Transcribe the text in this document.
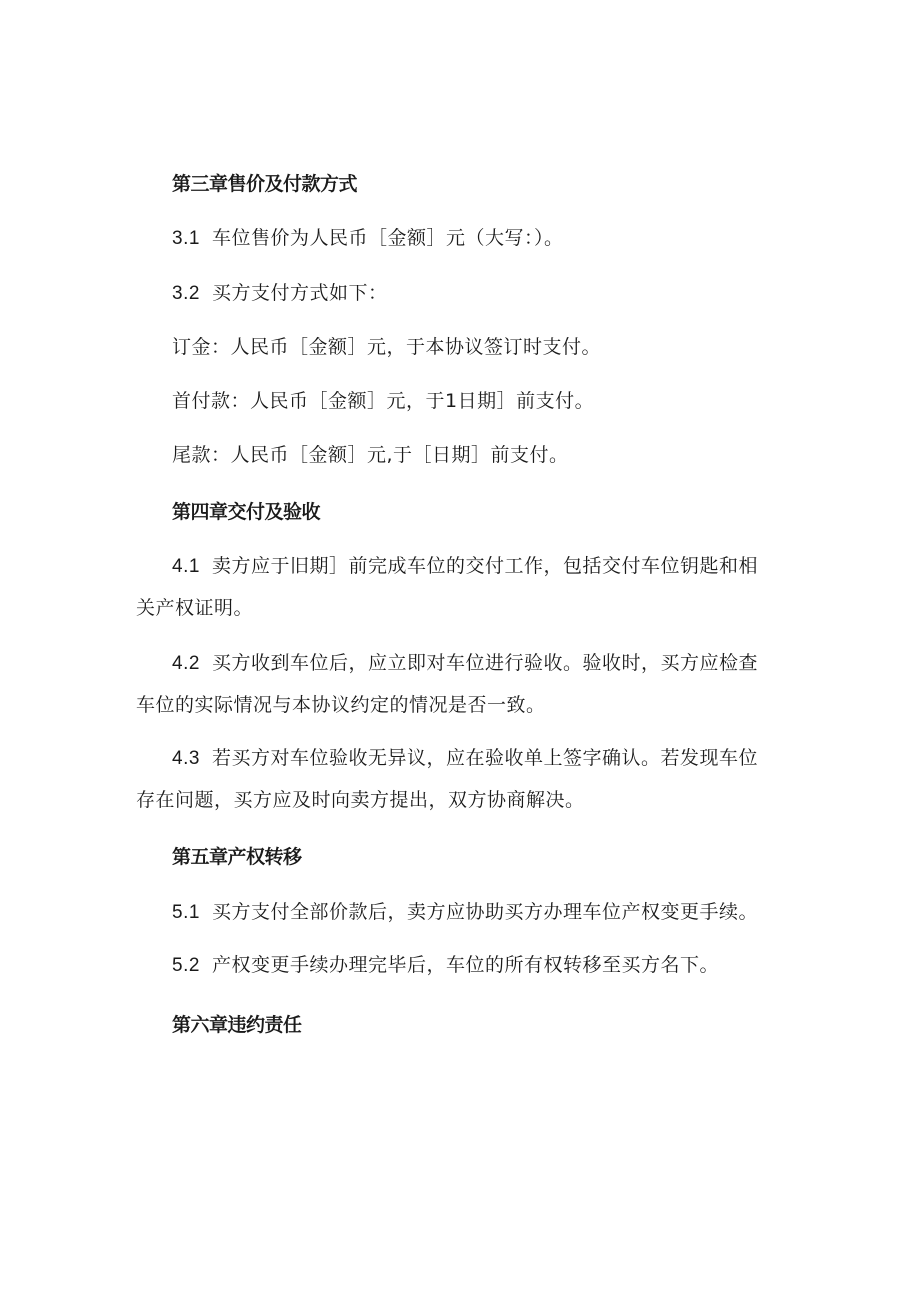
第三章售价及付款方式
3.1 车位售价为人民币［金额］元（大写：）。
3.2 买方支付方式如下：
订金：人民币［金额］元，于本协议签订时支付。
首付款：人民币［金额］元，于1日期］前支付。
尾款：人民币［金额］元,于［日期］前支付。
第四章交付及验收
4.1 卖方应于旧期］前完成车位的交付工作，包括交付车位钥匙和相
关产权证明。
4.2 买方收到车位后，应立即对车位进行验收。验收时，买方应检查
车位的实际情况与本协议约定的情况是否一致。
4.3 若买方对车位验收无异议，应在验收单上签字确认。若发现车位
存在问题，买方应及时向卖方提出，双方协商解决。
第五章产权转移
5.1 买方支付全部价款后，卖方应协助买方办理车位产权变更手续。
5.2 产权变更手续办理完毕后，车位的所有权转移至买方名下。
第六章违约责任
